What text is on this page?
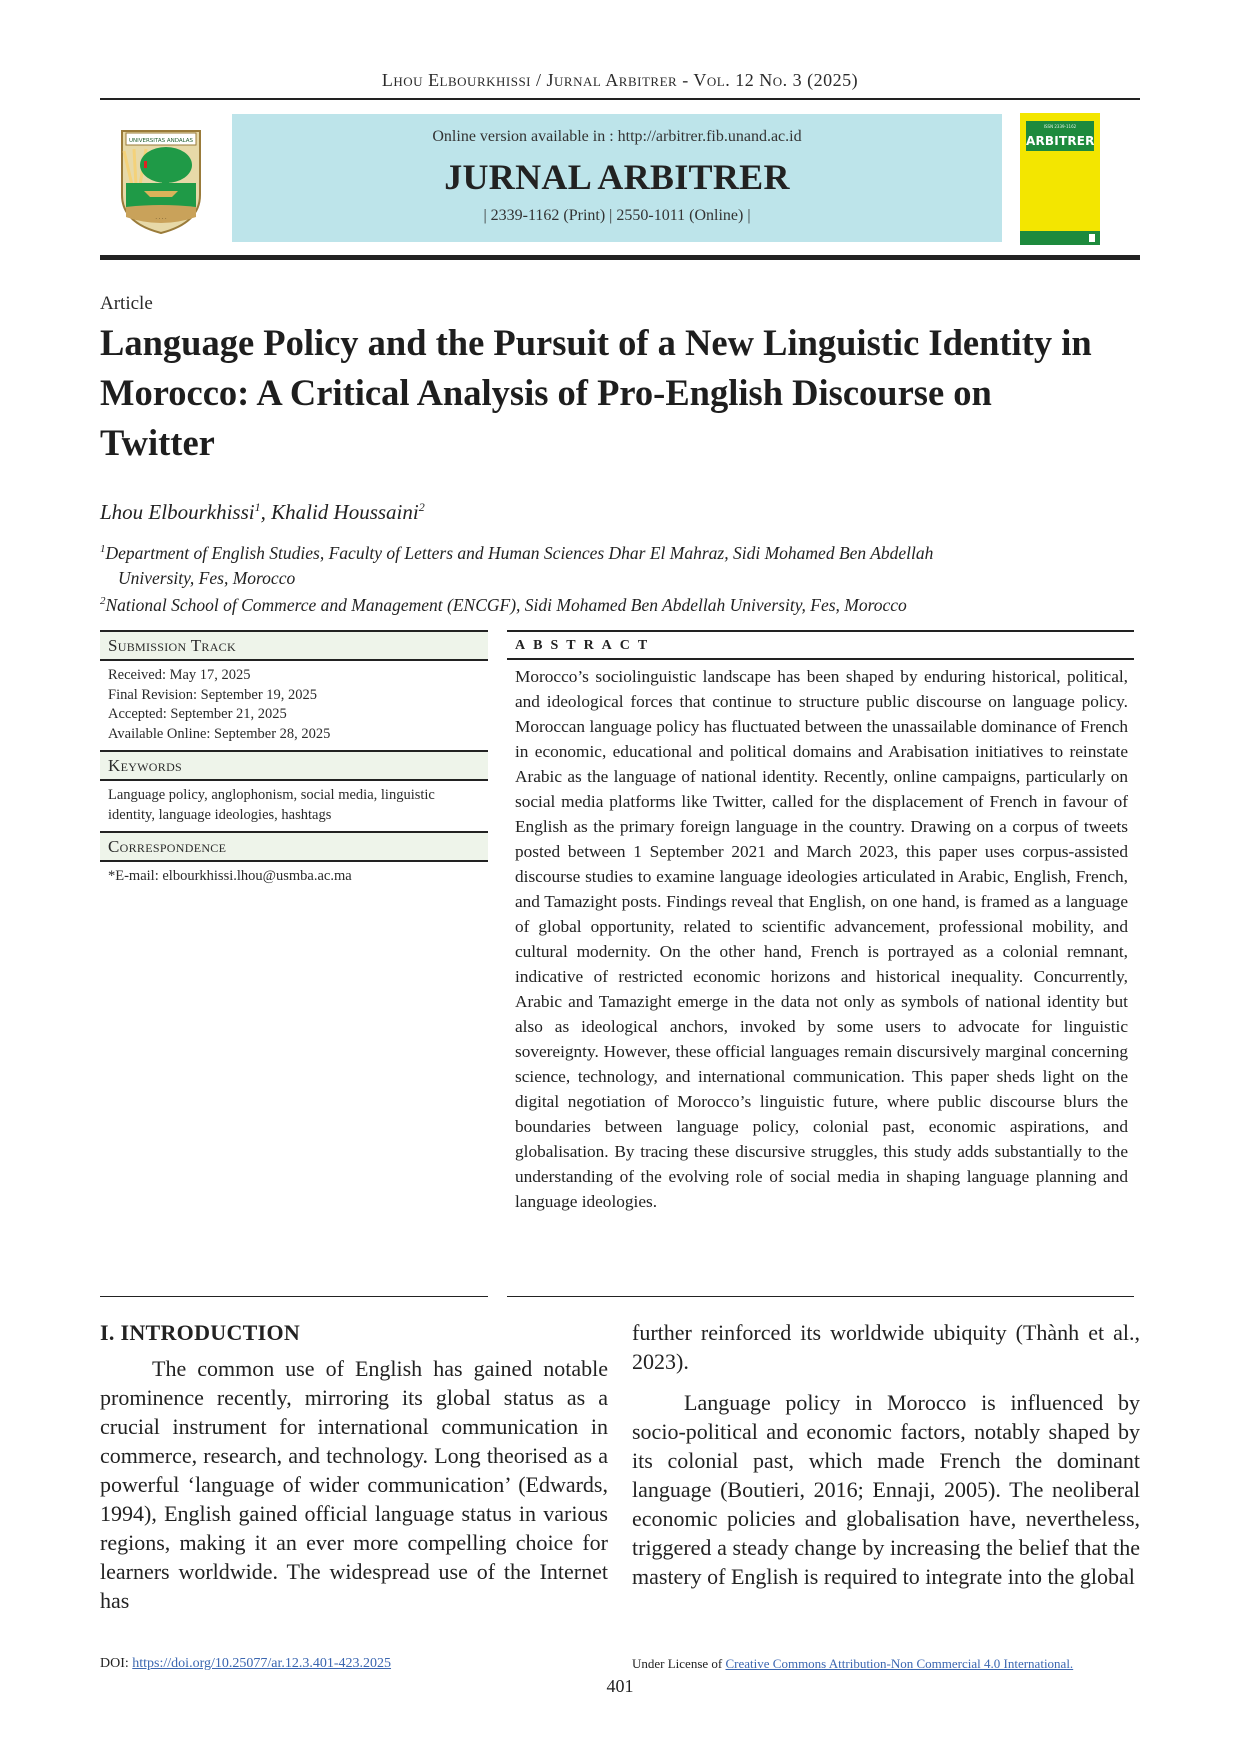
Lhou Elbourkhissi / Jurnal Arbitrer - Vol. 12 No. 3 (2025)
UNIVERSITAS ANDALAS
. . . .
Online version available in : http://arbitrer.fib.unand.ac.id
JURNAL ARBITRER
| 2339-1162 (Print) | 2550-1011 (Online) |
ISSN 2339-1162
ARBITRER
Article
Language Policy and the Pursuit of a New Linguistic Identity in Morocco: A Critical Analysis of Pro-English Discourse on Twitter
Lhou Elbourkhissi$^1$, Khalid Houssaini$^2$
$^1$Department of English Studies, Faculty of Letters and Human Sciences Dhar El Mahraz, Sidi Mohamed Ben Abdellah
University, Fes, Morocco
$^2$National School of Commerce and Management (ENCGF), Sidi Mohamed Ben Abdellah University, Fes, Morocco
Submission Track
Received: May 17, 2025
Final Revision: September 19, 2025
Accepted: September 21, 2025
Available Online: September 28, 2025
Keywords
Language policy, anglophonism, social media, linguistic identity, language ideologies, hashtags
Correspondence
*E-mail: elbourkhissi.lhou@usmba.ac.ma
ABSTRACT
Morocco’s sociolinguistic landscape has been shaped by enduring historical, political, and ideological forces that continue to structure public discourse on language policy. Moroccan language policy has fluctuated between the unassailable dominance of French in economic, educational and political domains and Arabisation initiatives to reinstate Arabic as the language of national identity. Recently, online campaigns, particularly on social media platforms like Twitter, called for the displacement of French in favour of English as the primary foreign language in the country. Drawing on a corpus of tweets posted between 1 September 2021 and March 2023, this paper uses corpus-assisted discourse studies to examine language ideologies articulated in Arabic, English, French, and Tamazight posts. Findings reveal that English, on one hand, is framed as a language of global opportunity, related to scientific advancement, professional mobility, and cultural modernity. On the other hand, French is portrayed as a colonial remnant, indicative of restricted economic horizons and historical inequality. Concurrently, Arabic and Tamazight emerge in the data not only as symbols of national identity but also as ideological anchors, invoked by some users to advocate for linguistic sovereignty. However, these official languages remain discursively marginal concerning science, technology, and international communication. This paper sheds light on the digital negotiation of Morocco’s linguistic future, where public discourse blurs the boundaries between language policy, colonial past, economic aspirations, and globalisation. By tracing these discursive struggles, this study adds substantially to the understanding of the evolving role of social media in shaping language planning and language ideologies.
I. INTRODUCTION

The common use of English has gained notable prominence recently, mirroring its global status as a crucial instrument for international communication in commerce, research, and technology. Long theorised as a powerful ‘language of wider communication’ (Edwards, 1994), English gained official language status in various regions, making it an ever more compelling choice for learners worldwide. The widespread use of the Internet has

further reinforced its worldwide ubiquity (Thành et al., 2023).

Language policy in Morocco is influenced by socio-political and economic factors, notably shaped by its colonial past, which made French the dominant language (Boutieri, 2016; Ennaji, 2005). The neoliberal economic policies and globalisation have, nevertheless, triggered a steady change by increasing the belief that the mastery of English is required to integrate into the global

DOI: https://doi.org/10.25077/ar.12.3.401-423.2025	Under License of Creative Commons Attribution-Non Commercial 4.0 International.
401
